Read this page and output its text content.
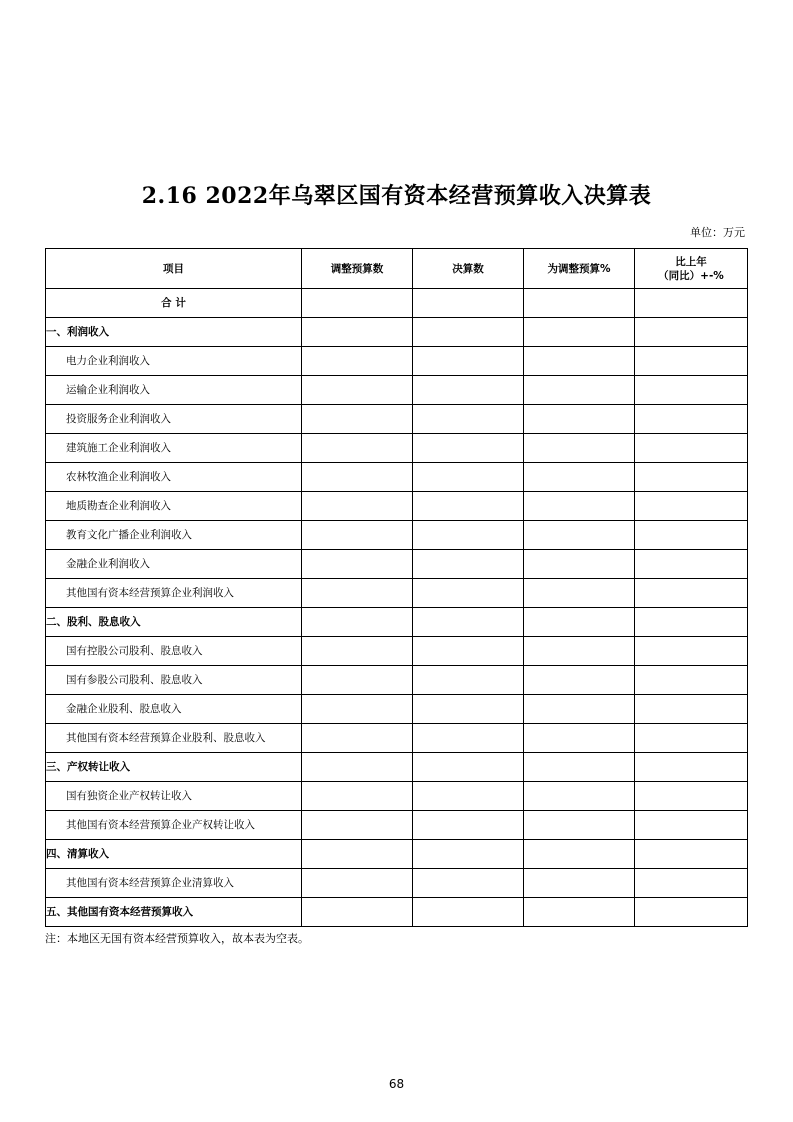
2.16 2022年乌翠区国有资本经营预算收入决算表
单位：万元
项目	调整预算数	决算数	为调整预算%	比上年
（同比）+-%
合 计				
一、利润收入				
电力企业利润收入				
运输企业利润收入				
投资服务企业利润收入				
建筑施工企业利润收入				
农林牧渔企业利润收入				
地质勘查企业利润收入				
教育文化广播企业利润收入				
金融企业利润收入				
其他国有资本经营预算企业利润收入				
二、股利、股息收入				
国有控股公司股利、股息收入				
国有参股公司股利、股息收入				
金融企业股利、股息收入				
其他国有资本经营预算企业股利、股息收入				
三、产权转让收入				
国有独资企业产权转让收入				
其他国有资本经营预算企业产权转让收入				
四、清算收入				
其他国有资本经营预算企业清算收入				
五、其他国有资本经营预算收入				
注：本地区无国有资本经营预算收入，故本表为空表。
68
